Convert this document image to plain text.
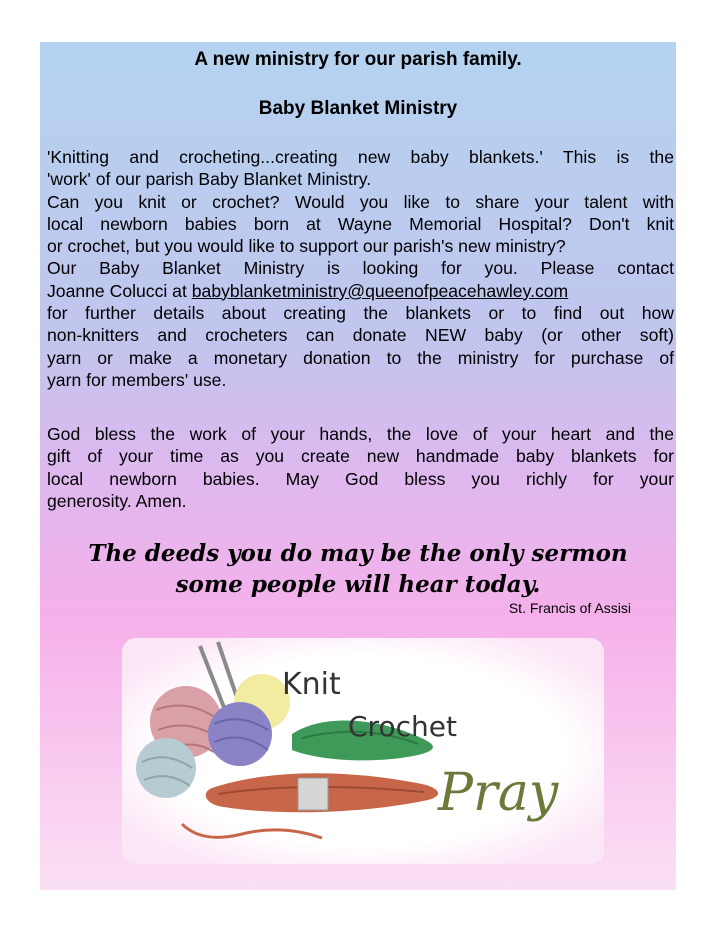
A new ministry for our parish family.
Baby Blanket Ministry
'Knitting and crocheting...creating new baby blankets.' This is the
'work' of our parish Baby Blanket Ministry.
Can you knit or crochet? Would you like to share your talent with
local newborn babies born at Wayne Memorial Hospital? Don't knit
or crochet, but you would like to support our parish's new ministry?
Our Baby Blanket Ministry is looking for you. Please contact
Joanne Colucci at babyblanketministry@queenofpeacehawley.com
for further details about creating the blankets or to find out how
non-knitters and crocheters can donate NEW baby (or other soft)
yarn or make a monetary donation to the ministry for purchase of
yarn for members' use.
God bless the work of your hands, the love of your heart and the
gift of your time as you create new handmade baby blankets for
local newborn babies. May God bless you richly for your
generosity. Amen.
The deeds you do may be the only sermon
some people will hear today.
St. Francis of Assisi
Knit
Crochet
Pray
